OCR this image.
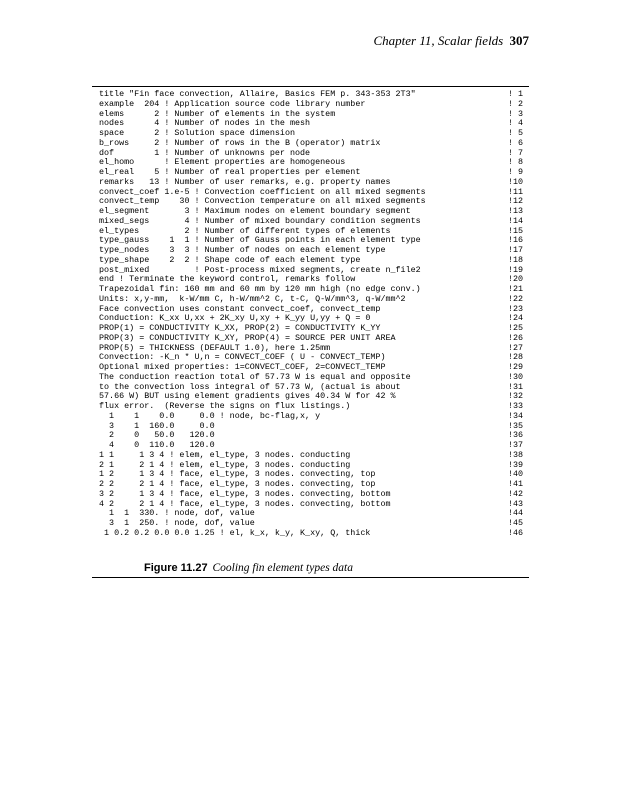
Chapter 11, Scalar fields 307
title "Fin face convection, Allaire, Basics FEM p. 343-353 2T3"	! 1
example  204 ! Application source code library number	! 2
elems      2 ! Number of elements in the system	! 3
nodes      4 ! Number of nodes in the mesh	! 4
space      2 ! Solution space dimension	! 5
b_rows     2 ! Number of rows in the B (operator) matrix	! 6
dof        1 ! Number of unknowns per node	! 7
el_homo      ! Element properties are homogeneous	! 8
el_real    5 ! Number of real properties per element	! 9
remarks   13 ! Number of user remarks, e.g. property names	!10
convect_coef 1.e-5 ! Convection coefficient on all mixed segments	!11
convect_temp    30 ! Convection temperature on all mixed segments	!12
el_segment       3 ! Maximum nodes on element boundary segment	!13
mixed_segs       4 ! Number of mixed boundary condition segments	!14
el_types         2 ! Number of different types of elements	!15
type_gauss    1  1 ! Number of Gauss points in each element type	!16
type_nodes    3  3 ! Number of nodes on each element type	!17
type_shape    2  2 ! Shape code of each element type	!18
post_mixed         ! Post-process mixed segments, create n_file2	!19
end ! Terminate the keyword control, remarks follow	!20
Trapezoidal fin: 160 mm and 60 mm by 120 mm high (no edge conv.)	!21
Units: x,y-mm,  k-W/mm C, h-W/mm^2 C, t-C, Q-W/mm^3, q-W/mm^2	!22
Face convection uses constant convect_coef, convect_temp	!23
Conduction: K_xx U,xx + 2K_xy U,xy + K_yy U,yy + Q = 0	!24
PROP(1) = CONDUCTIVITY K_XX, PROP(2) = CONDUCTIVITY K_YY	!25
PROP(3) = CONDUCTIVITY K_XY, PROP(4) = SOURCE PER UNIT AREA	!26
PROP(5) = THICKNESS (DEFAULT 1.0), here 1.25mm	!27
Convection: -K_n * U,n = CONVECT_COEF ( U - CONVECT_TEMP)	!28
Optional mixed properties: 1=CONVECT_COEF, 2=CONVECT_TEMP	!29
The conduction reaction total of 57.73 W is equal and opposite	!30
to the convection loss integral of 57.73 W, (actual is about	!31
57.66 W) BUT using element gradients gives 40.34 W for 42 %	!32
flux error.  (Reverse the signs on flux listings.)	!33
1    1    0.0     0.0 ! node, bc-flag,x, y	!34
3    1  160.0     0.0	!35
2    0   50.0   120.0	!36
4    0  110.0   120.0	!37
1 1     1 3 4 ! elem, el_type, 3 nodes. conducting	!38
2 1     2 1 4 ! elem, el_type, 3 nodes. conducting	!39
1 2     1 3 4 ! face, el_type, 3 nodes. convecting, top	!40
2 2     2 1 4 ! face, el_type, 3 nodes. convecting, top	!41
3 2     1 3 4 ! face, el_type, 3 nodes. convecting, bottom	!42
4 2     2 1 4 ! face, el_type, 3 nodes. convecting, bottom	!43
1  1  330. ! node, dof, value	!44
3  1  250. ! node, dof, value	!45
1 0.2 0.2 0.0 0.0 1.25 ! el, k_x, k_y, K_xy, Q, thick	!46
Figure 11.27 Cooling fin element types data
